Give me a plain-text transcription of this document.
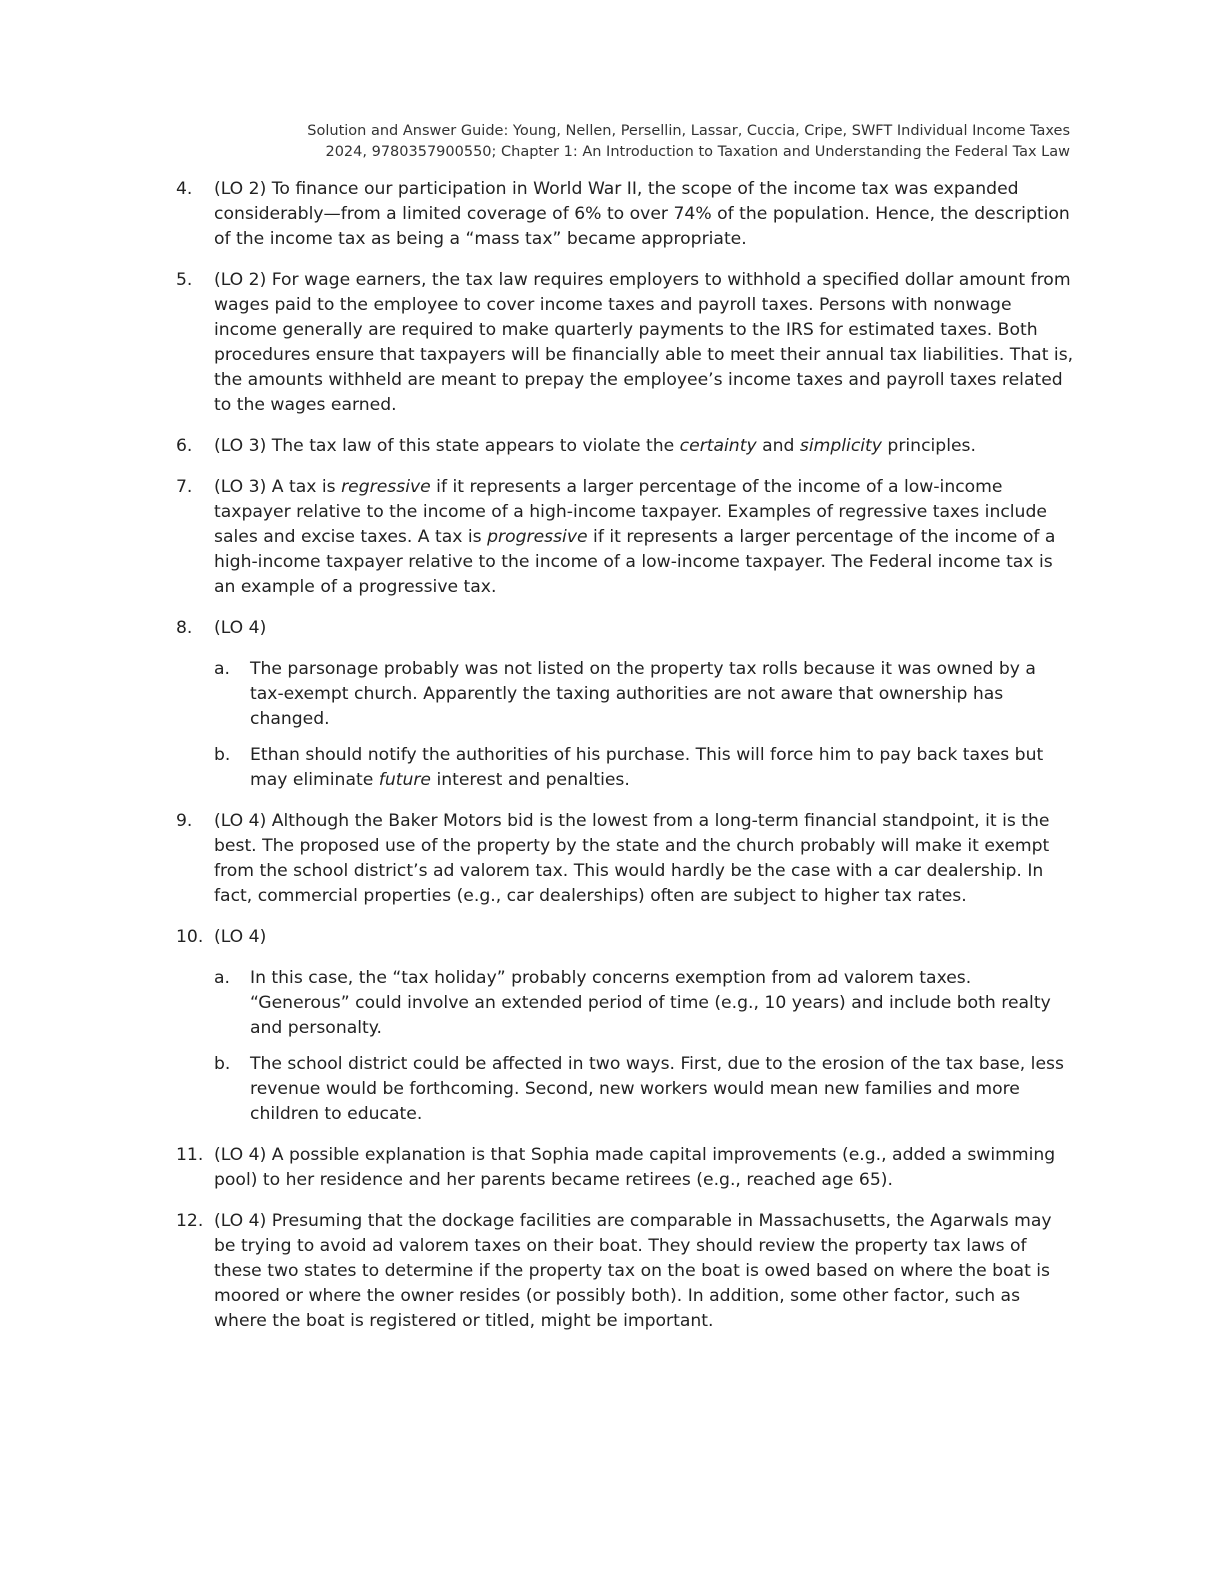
Solution and Answer Guide: Young, Nellen, Persellin, Lassar, Cuccia, Cripe, SWFT Individual Income Taxes
2024, 9780357900550; Chapter 1: An Introduction to Taxation and Understanding the Federal Tax Law
4. (LO 2) To finance our participation in World War II, the scope of the income tax was expanded considerably—from a limited coverage of 6% to over 74% of the population. Hence, the description of the income tax as being a “mass tax” became appropriate.
5. (LO 2) For wage earners, the tax law requires employers to withhold a specified dollar amount from wages paid to the employee to cover income taxes and payroll taxes. Persons with nonwage income generally are required to make quarterly payments to the IRS for estimated taxes. Both procedures ensure that taxpayers will be financially able to meet their annual tax liabilities. That is, the amounts withheld are meant to prepay the employee’s income taxes and payroll taxes related to the wages earned.
6. (LO 3) The tax law of this state appears to violate the certainty and simplicity principles.
7. (LO 3) A tax is regressive if it represents a larger percentage of the income of a low-income taxpayer relative to the income of a high-income taxpayer. Examples of regressive taxes include sales and excise taxes. A tax is progressive if it represents a larger percentage of the income of a high-income taxpayer relative to the income of a low-income taxpayer. The Federal income tax is an example of a progressive tax.
8. (LO 4)
a. The parsonage probably was not listed on the property tax rolls because it was owned by a tax-exempt church. Apparently the taxing authorities are not aware that ownership has changed.
b. Ethan should notify the authorities of his purchase. This will force him to pay back taxes but may eliminate future interest and penalties.
9. (LO 4) Although the Baker Motors bid is the lowest from a long-term financial standpoint, it is the best. The proposed use of the property by the state and the church probably will make it exempt from the school district’s ad valorem tax. This would hardly be the case with a car dealership. In fact, commercial properties (e.g., car dealerships) often are subject to higher tax rates.
10. (LO 4)
a. In this case, the “tax holiday” probably concerns exemption from ad valorem taxes. “Generous” could involve an extended period of time (e.g., 10 years) and include both realty and personalty.
b. The school district could be affected in two ways. First, due to the erosion of the tax base, less revenue would be forthcoming. Second, new workers would mean new families and more children to educate.
11. (LO 4) A possible explanation is that Sophia made capital improvements (e.g., added a swimming pool) to her residence and her parents became retirees (e.g., reached age 65).
12. (LO 4) Presuming that the dockage facilities are comparable in Massachusetts, the Agarwals may be trying to avoid ad valorem taxes on their boat. They should review the property tax laws of these two states to determine if the property tax on the boat is owed based on where the boat is moored or where the owner resides (or possibly both). In addition, some other factor, such as where the boat is registered or titled, might be important.
